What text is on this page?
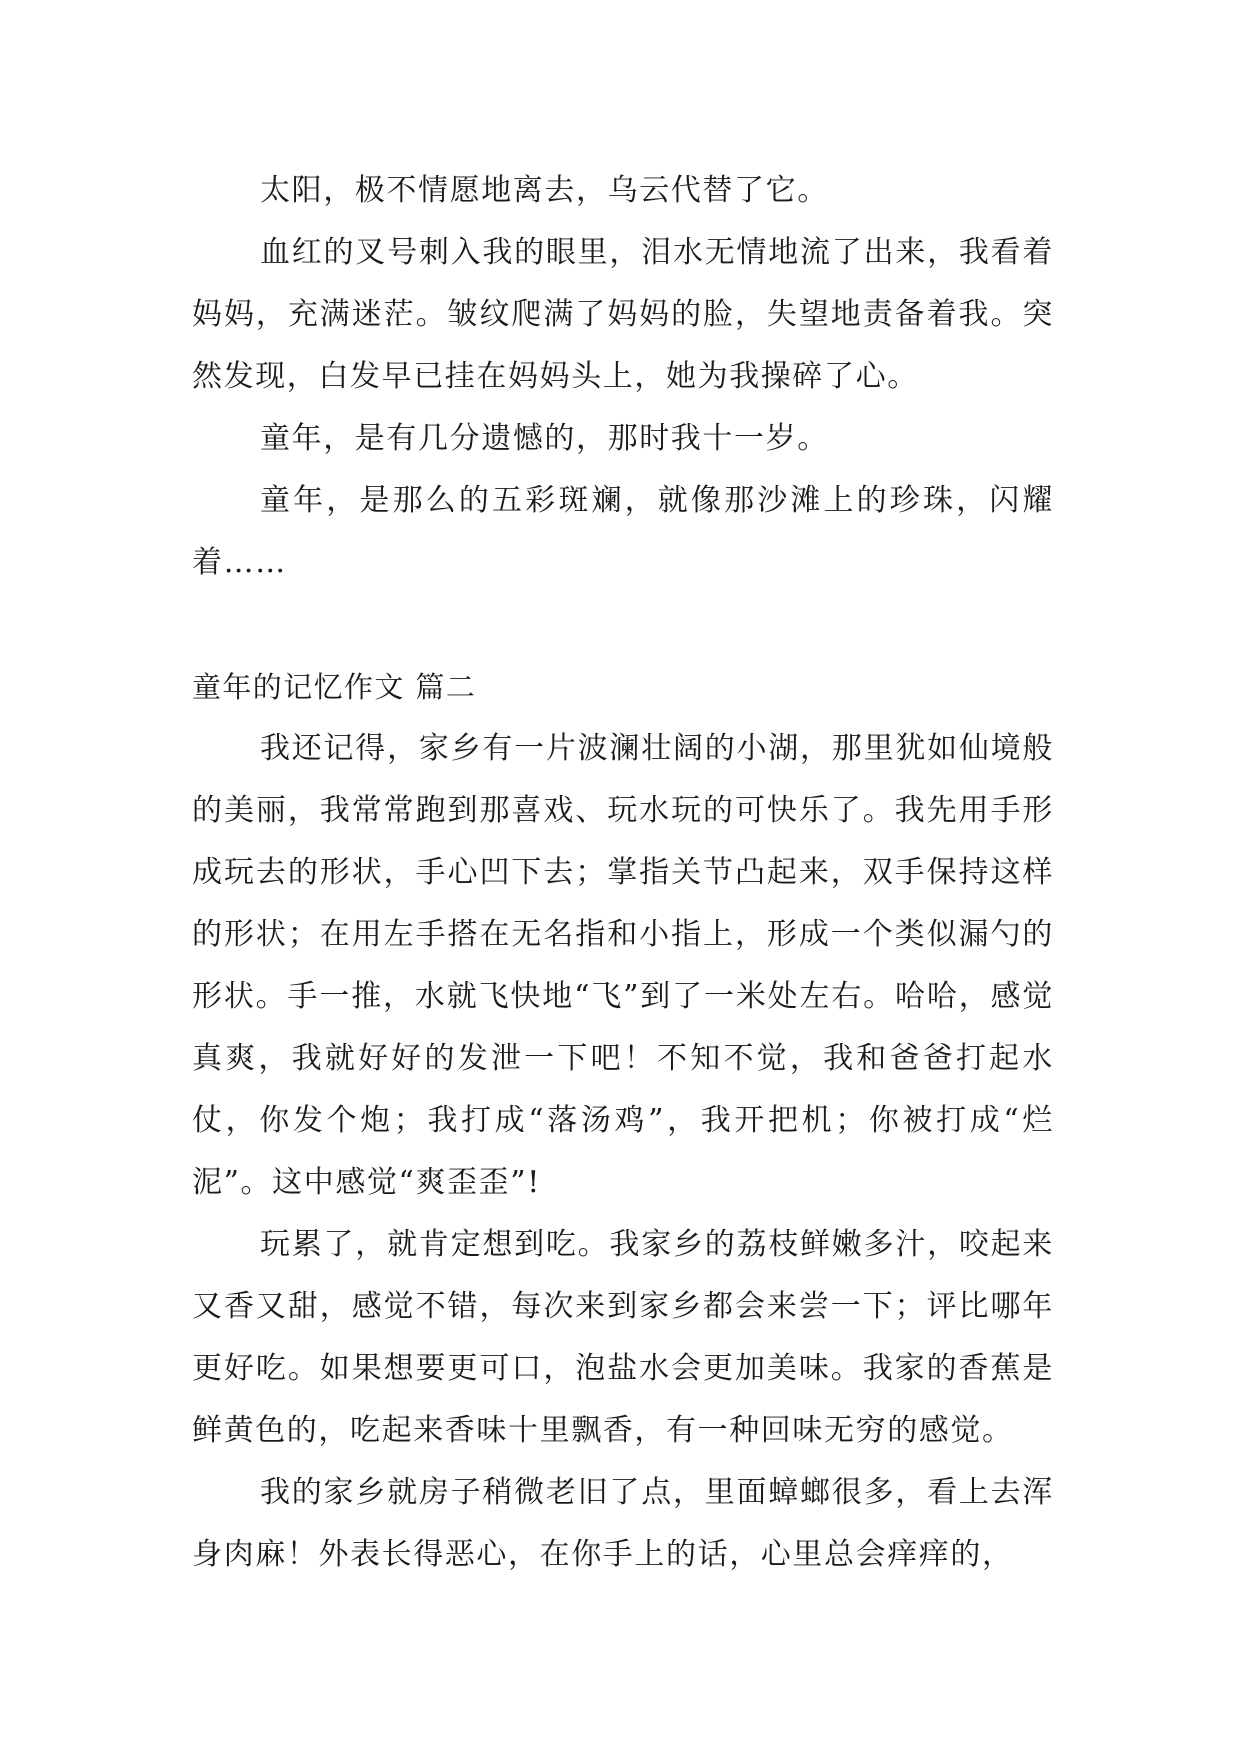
太阳，极不情愿地离去，乌云代替了它。

血红的叉号刺入我的眼里，泪水无情地流了出来，我看着妈妈，充满迷茫。皱纹爬满了妈妈的脸，失望地责备着我。突然发现，白发早已挂在妈妈头上，她为我操碎了心。

童年，是有几分遗憾的，那时我十一岁。

童年，是那么的五彩斑斓，就像那沙滩上的珍珠，闪耀着……

童年的记忆作文 篇二

我还记得，家乡有一片波澜壮阔的小湖，那里犹如仙境般的美丽，我常常跑到那喜戏、玩水玩的可快乐了。我先用手形成玩去的形状，手心凹下去；掌指关节凸起来，双手保持这样的形状；在用左手搭在无名指和小指上，形成一个类似漏勺的形状。手一推，水就飞快地“飞”到了一米处左右。哈哈，感觉真爽，我就好好的发泄一下吧！不知不觉，我和爸爸打起水仗，你发个炮；我打成“落汤鸡”，我开把机；你被打成“烂泥”。这中感觉“爽歪歪”!

玩累了，就肯定想到吃。我家乡的荔枝鲜嫩多汁，咬起来又香又甜，感觉不错，每次来到家乡都会来尝一下；评比哪年更好吃。如果想要更可口，泡盐水会更加美味。我家的香蕉是鲜黄色的，吃起来香味十里飘香，有一种回味无穷的感觉。

我的家乡就房子稍微老旧了点，里面蟑螂很多，看上去浑身肉麻！外表长得恶心，在你手上的话，心里总会痒痒的，
